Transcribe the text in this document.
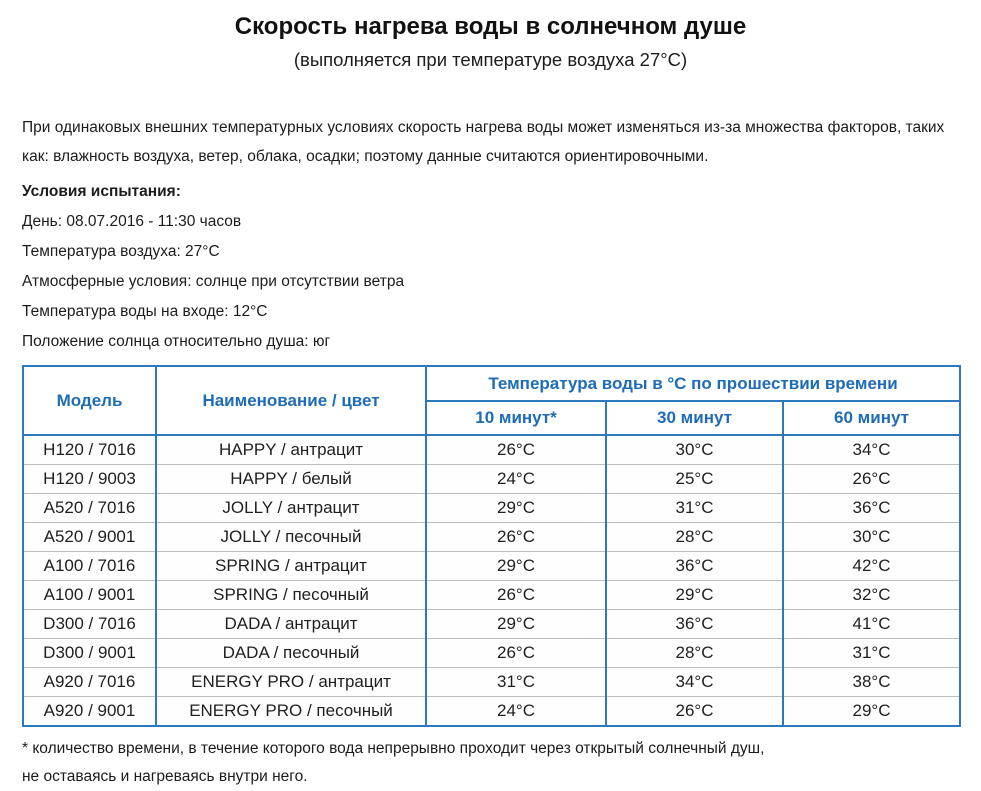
Скорость нагрева воды в солнечном душе
(выполняется при температуре воздуха 27°С)

При одинаковых внешних температурных условиях скорость нагрева воды может изменяться из-за множества факторов, таких как: влажность воздуха, ветер, облака, осадки; поэтому данные считаются ориентировочными.

Условия испытания:

День: 08.07.2016 - 11:30 часов

Температура воздуха: 27°С

Атмосферные условия: солнце при отсутствии ветра

Температура воды на входе: 12°С

Положение солнца относительно душа: юг

Модель	Наименование / цвет	Температура воды в °С по прошествии времени		
		10 минут*	30 минут	60 минут
H120 / 7016	HAPPY / антрацит	26°С	30°С	34°С
H120 / 9003	HAPPY / белый	24°С	25°С	26°С
A520 / 7016	JOLLY / антрацит	29°С	31°С	36°С
A520 / 9001	JOLLY / песочный	26°С	28°С	30°С
A100 / 7016	SPRING / антрацит	29°С	36°С	42°С
A100 / 9001	SPRING / песочный	26°С	29°С	32°С
D300 / 7016	DADA / антрацит	29°С	36°С	41°С
D300 / 9001	DADA / песочный	26°С	28°С	31°С
A920 / 7016	ENERGY PRO / антрацит	31°С	34°С	38°С
A920 / 9001	ENERGY PRO / песочный	24°С	26°С	29°С

* количество времени, в течение которого вода непрерывно проходит через открытый солнечный душ,
не оставаясь и нагреваясь внутри него.
